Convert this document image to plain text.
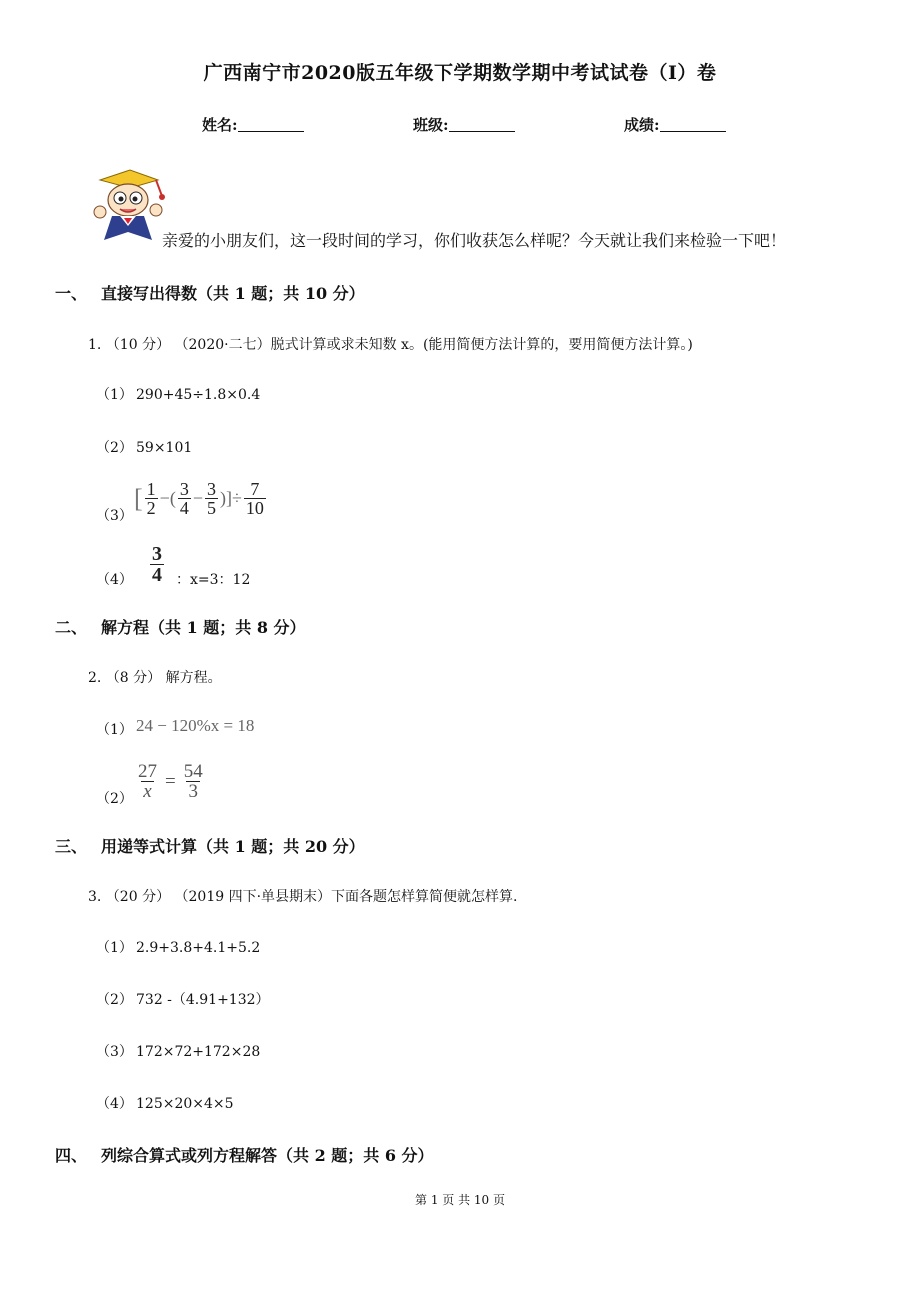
广西南宁市2020版五年级下学期数学期中考试试卷（I）卷
姓名:	班级:	成绩:
亲爱的小朋友们，这一段时间的学习，你们收获怎么样呢？今天就让我们来检验一下吧！
一、 直接写出得数（共 1 题；共 10 分）
1. （10 分） （2020·二七）脱式计算或求未知数 x。(能用简便方法计算的，要用简便方法计算。)
（1） 290+45÷1.8×0.4
（2） 59×101
（3）
[ $\frac{1}{2}$ −( $\frac{3}{4} - \frac{3}{5}$ )]÷ $\frac{7}{10}$
$(4) \frac{3}{4}$ ：x=3：12
二、 解方程（共 1 题；共 8 分）
2. （8 分） 解方程。
（1） 24 − 120%x = 18
$(2) \frac{27}{x} = \frac{54}{3}$
三、 用递等式计算（共 1 题；共 20 分）
3. （20 分） （2019 四下·单县期末）下面各题怎样算简便就怎样算.
（1） 2.9+3.8+4.1+5.2
（2） 732 -（4.91+132）
（3） 172×72+172×28
（4） 125×20×4×5
四、 列综合算式或列方程解答（共 2 题；共 6 分）
第 1 页 共 10 页
